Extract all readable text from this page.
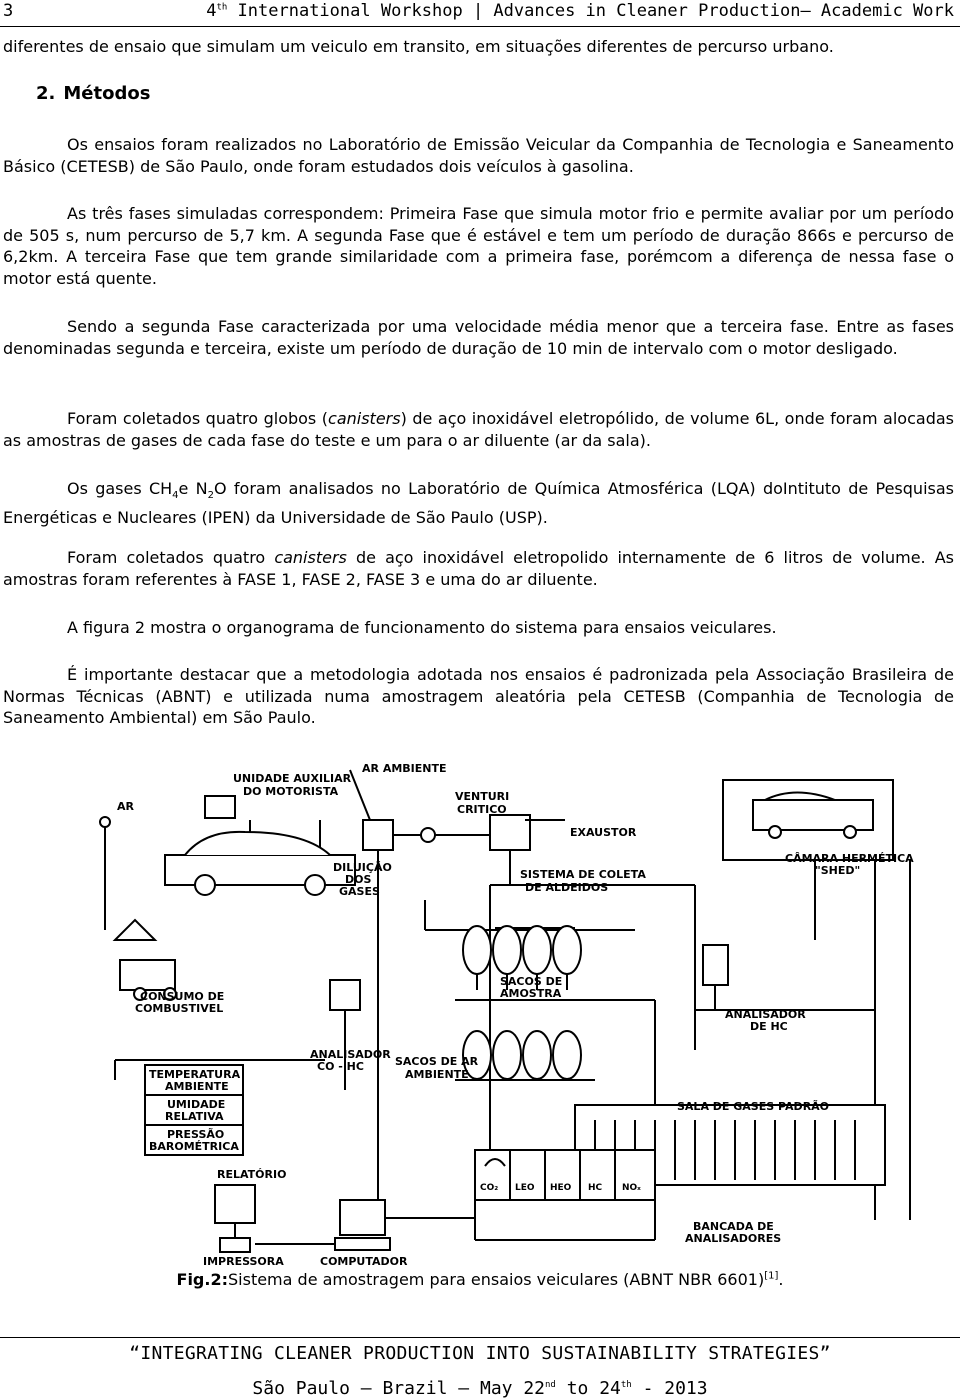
3	4th International Workshop | Advances in Cleaner Production– Academic Work

diferentes de ensaio que simulam um veiculo em transito, em situações diferentes de percurso urbano.

2. Métodos

Os ensaios foram realizados no Laboratório de Emissão Veicular da Companhia de Tecnologia e Saneamento Básico (CETESB) de São Paulo, onde foram estudados dois veículos à gasolina.

As três fases simuladas correspondem: Primeira Fase que simula motor frio e permite avaliar por um período de 505 s, num percurso de 5,7 km. A segunda Fase que é estável e tem um período de duração 866s e percurso de 6,2km. A terceira Fase que tem grande similaridade com a primeira fase, porémcom a diferença de nessa fase o motor está quente.

Sendo a segunda Fase caracterizada por uma velocidade média menor que a terceira fase. Entre as fases denominadas segunda e terceira, existe um período de duração de 10 min de intervalo com o motor desligado.

Foram coletados quatro globos (canisters) de aço inoxidável eletropólido, de volume 6L, onde foram alocadas as amostras de gases de cada fase do teste e um para o ar diluente (ar da sala).

Os gases $CH_4e$ $N_2O$ foram analisados no Laboratório de Química Atmosférica (LQA) doIntituto de Pesquisas Energéticas e Nucleares (IPEN) da Universidade de São Paulo (USP).

Foram coletados quatro canisters de aço inoxidável eletropolido internamente de 6 litros de volume. As amostras foram referentes à FASE 1, FASE 2, FASE 3 e uma do ar diluente.

A figura 2 mostra o organograma de funcionamento do sistema para ensaios veiculares.

É importante destacar que a metodologia adotada nos ensaios é padronizada pela Associação Brasileira de Normas Técnicas (ABNT) e utilizada numa amostragem aleatória pela CETESB (Companhia de Tecnologia de Saneamento Ambiental) em São Paulo.

UNIDADE AUXILIAR
DO MOTORISTA
AR AMBIENTE
VENTURI
CRITICO
AR
EXAUSTOR
CÂMARA HERMÉTICA
"SHED"
DILUIÇÃO
DOS
GASES
SISTEMA DE COLETA
DE ALDEIDOS
SACOS DE
AMOSTRA
CONSUMO DE
COMBUSTIVEL	ANALISADOR
DE HC
ANALISADOR
CO - HC	SACOS DE AR
AMBIENTE
TEMPERATURA
AMBIENTE
UMIDADE
RELATIVA
PRESSÃO
BAROMÉTRICA
SALA DE GASES PADRÃO
RELATÓRIO
CO₂ LEO HEO HC NOₓ
BANCADA DE
ANALISADORES
IMPRESSORA	COMPUTADOR
Fig.2:Sistema de amostragem para ensaios veiculares (ABNT NBR 6601)[1].
“INTEGRATING CLEANER PRODUCTION INTO SUSTAINABILITY STRATEGIES”
São Paulo – Brazil – May 22nd to 24th - 2013
